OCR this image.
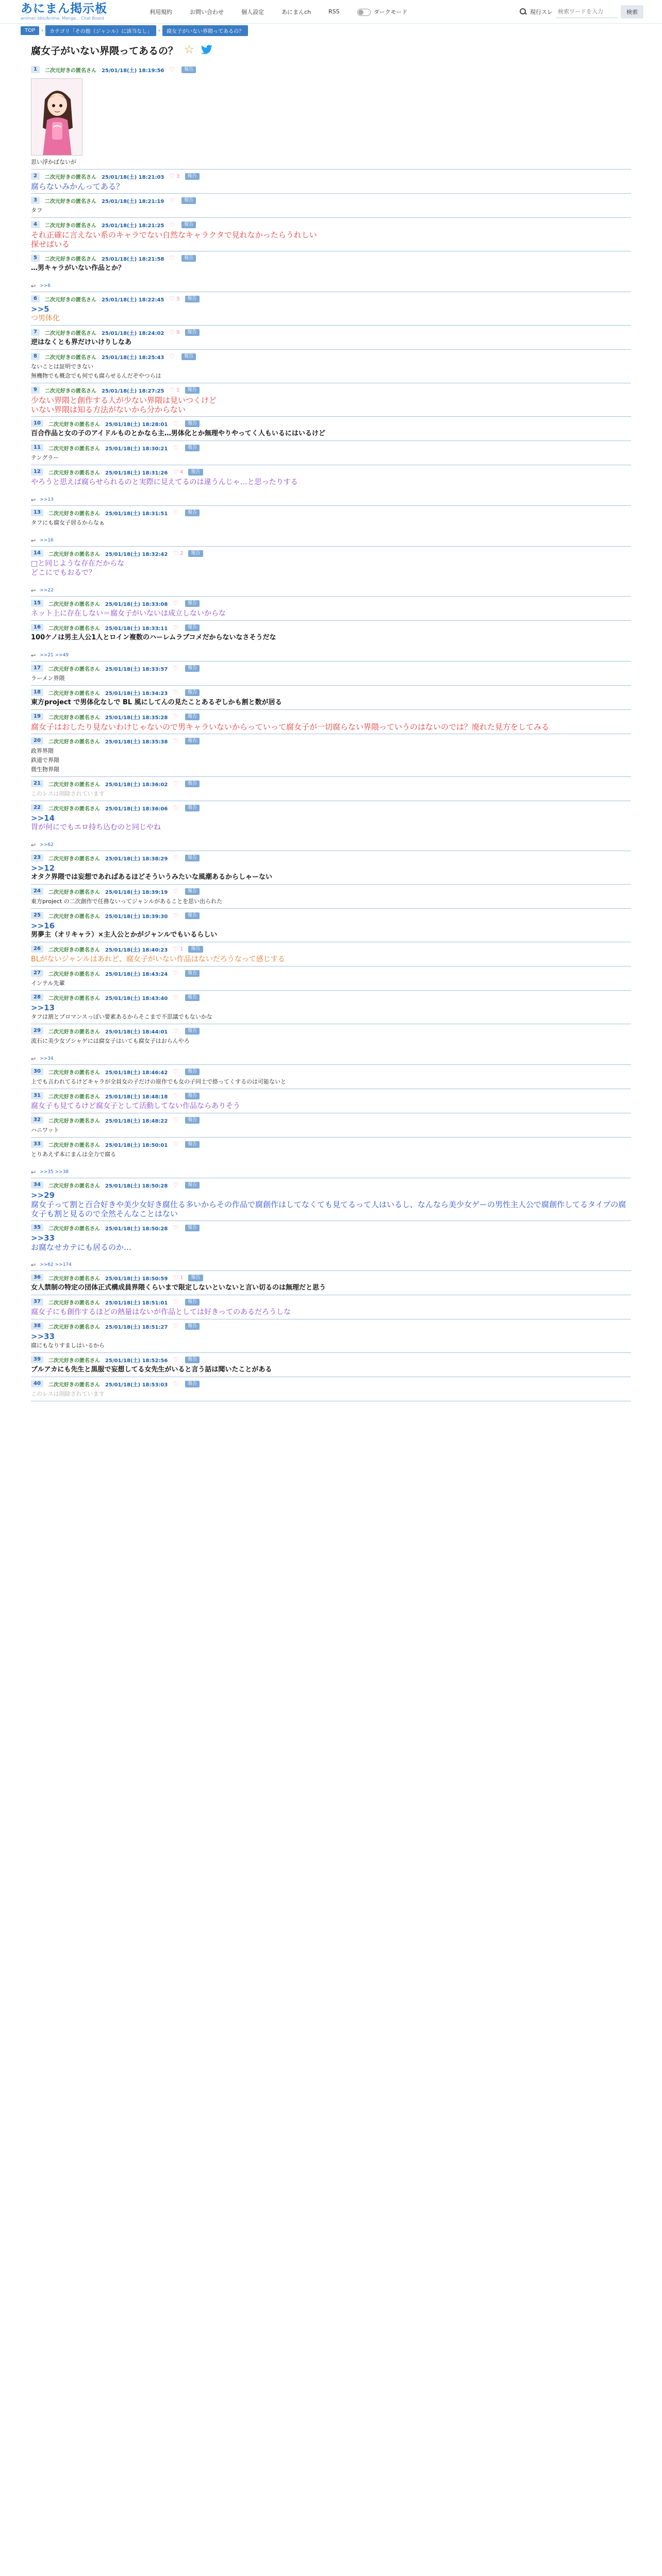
あにまん掲示板
animan bbs/Anime, Manga... Chat Board
利用規約	お問い合わせ	個人設定	あにまんch	RSS	ダークモード	現行スレ
検索ワードを入力	検索
TOP	›	カテゴリ「その他（ジャンル）に該当なし」	›	腐女子がいない界隈ってあるの？
腐女子がいない界隈ってあるの？ ☆
1	二次元好きの匿名さん 25/01/18(土) 18:19:56 ♡	報告

思い浮かばないが

2	二次元好きの匿名さん 25/01/18(土) 18:21:03 ♡ 3	報告

腐らないみかんってある？

3	二次元好きの匿名さん 25/01/18(土) 18:21:19 ♡	報告

タフ

4	二次元好きの匿名さん 25/01/18(土) 18:21:25 ♡	報告

それ正確に言えない系のキャラでない自然なキャラクタで見れなかったらうれしい

探せばいる

5	二次元好きの匿名さん 25/01/18(土) 18:21:58 ♡	報告

…男キャラがいない作品とか？

↩ >>6
6	二次元好きの匿名さん 25/01/18(土) 18:22:45 ♡ 3	報告

>>5

つ男体化

7	二次元好きの匿名さん 25/01/18(土) 18:24:02 ♡ 9	報告

逆はなくとも界だけいけりしなあ

8	二次元好きの匿名さん 25/01/18(土) 18:25:43 ♡	報告

ないことは証明できない

無機物でも概念でも何でも腐らせるんだぞやつらは

9	二次元好きの匿名さん 25/01/18(土) 18:27:25 ♡ 1	報告

少ない界隈と創作する人が少ない界隈は見いつくけど

いない界隈は知る方法がないから分からない

10	二次元好きの匿名さん 25/01/18(土) 18:28:01 ♡	報告

百合作品と女の子のアイドルものとかなら主…男体化とか無理やりやってく人もいるにはいるけど

11	二次元好きの匿名さん 25/01/18(土) 18:30:21 ♡	報告

テングラー

12	二次元好きの匿名さん 25/01/18(土) 18:31:26 ♡ 4	報告

やろうと思えば腐らせられるのと実際に見えてるのは違うんじゃ…と思ったりする

↩ >>13
13	二次元好きの匿名さん 25/01/18(土) 18:31:51 ♡	報告

タフにも腐女子居るからなぁ

↩ >>16
14	二次元好きの匿名さん 25/01/18(土) 18:32:42 ♡ 2	報告

□と同じような存在だからな

どこにでもおるで？

↩ >>22
15	二次元好きの匿名さん 25/01/18(土) 18:33:08 ♡	報告

ネット上に存在しない＝腐女子がいないは成立しないからな

16	二次元好きの匿名さん 25/01/18(土) 18:33:11 ♡	報告

100ケノは男主人公1人とロイン複数のハーレムラブコメだからないなさそうだな

↩ >>21 >>49
17	二次元好きの匿名さん 25/01/18(土) 18:33:57 ♡	報告

ラーメン界隈

18	二次元好きの匿名さん 25/01/18(土) 18:34:23 ♡	報告

東方project で男体化なしで BL 風にしてんの見たことあるぞしかも割と数が居る

19	二次元好きの匿名さん 25/01/18(土) 18:35:28 ♡	報告

腐女子はおしたり見ないわけじゃないので男キャラいないからっていって腐女子が一切腐らない界隈っていうのはないのでは？廃れた見方をしてみる

20	二次元好きの匿名さん 25/01/18(土) 18:35:38 ♡	報告

政界界隈

鉄道で界隈

微生物界隈

21	二次元好きの匿名さん 25/01/18(土) 18:36:02 ♡	報告

このレスは削除されています

22	二次元好きの匿名さん 25/01/18(土) 18:36:06 ♡	報告

>>14

胃が何にでもエロ持ち込むのと同じやね

↩ >>62
23	二次元好きの匿名さん 25/01/18(土) 18:38:29 ♡	報告

>>12

オタク界隈では妄想であればあるほどそういうみたいな風潮あるからしゃーない

24	二次元好きの匿名さん 25/01/18(土) 18:39:19 ♡	報告

東方project の二次創作で任務ないってジャンルがあることを思い出られた

25	二次元好きの匿名さん 25/01/18(土) 18:39:30 ♡	報告

>>16

男夢主（オリキャラ）×主人公とかがジャンルでもいるらしい

26	二次元好きの匿名さん 25/01/18(土) 18:40:23 ♡ 1	報告

BLがないジャンルはあれど、腐女子がいない作品はないだろうなって感じする

27	二次元好きの匿名さん 25/01/18(土) 18:43:24 ♡	報告

インテル先輩

28	二次元好きの匿名さん 25/01/18(土) 18:43:40 ♡	報告

>>13

タフは割とブロマンスっぽい要素あるからそこまで不思議でもないかな

29	二次元好きの匿名さん 25/01/18(土) 18:44:01 ♡	報告

流石に美少女ゾシャゲには腐女子はいても腐女子はおらんやろ

↩ >>34
30	二次元好きの匿名さん 25/01/18(土) 18:46:42 ♡	報告

上でも言われてるけどキャラが全員女の子だけの原作でも女の子同士で絡ってくするのは可能ないと

31	二次元好きの匿名さん 25/01/18(土) 18:48:18 ♡	報告

腐女子も見てるけど腐女子として活動してない作品ならありそう

32	二次元好きの匿名さん 25/01/18(土) 18:48:22 ♡	報告

ハニワット

33	二次元好きの匿名さん 25/01/18(土) 18:50:01 ♡	報告

とりあえず本にまんは全力で腐る

↩ >>35 >>38
34	二次元好きの匿名さん 25/01/18(土) 18:50:28 ♡	報告

>>29

腐女子って割と百合好きや美少女好き腐仕る多いからその作品で腐創作はしてなくても見てるって人はいるし、なんなら美少女ゲーの男性主人公で腐創作してるタイプの腐女子も割と見るので全然そんなことはない

35	二次元好きの匿名さん 25/01/18(土) 18:50:28 ♡	報告

>>33

お腐なせカテにも居るのか…

↩ >>62 >>174
36	二次元好きの匿名さん 25/01/18(土) 18:50:59 ♡ 1	報告

女人禁制の特定の団体正式構成員界隈くらいまで限定しないといないと言い切るのは無理だと思う

37	二次元好きの匿名さん 25/01/18(土) 18:51:01 ♡	報告

腐女子にも創作するほどの熱量はないが作品としては好きってのあるだろうしな

38	二次元好きの匿名さん 25/01/18(土) 18:51:27 ♡	報告

>>33

腐にもなりすましはいるから

39	二次元好きの匿名さん 25/01/18(土) 18:52:56 ♡	報告

ブルアカにも先生と黒服で妄想してる女先生がいると言う話は聞いたことがある

40	二次元好きの匿名さん 25/01/18(土) 18:53:03 ♡	報告

このレスは削除されています
